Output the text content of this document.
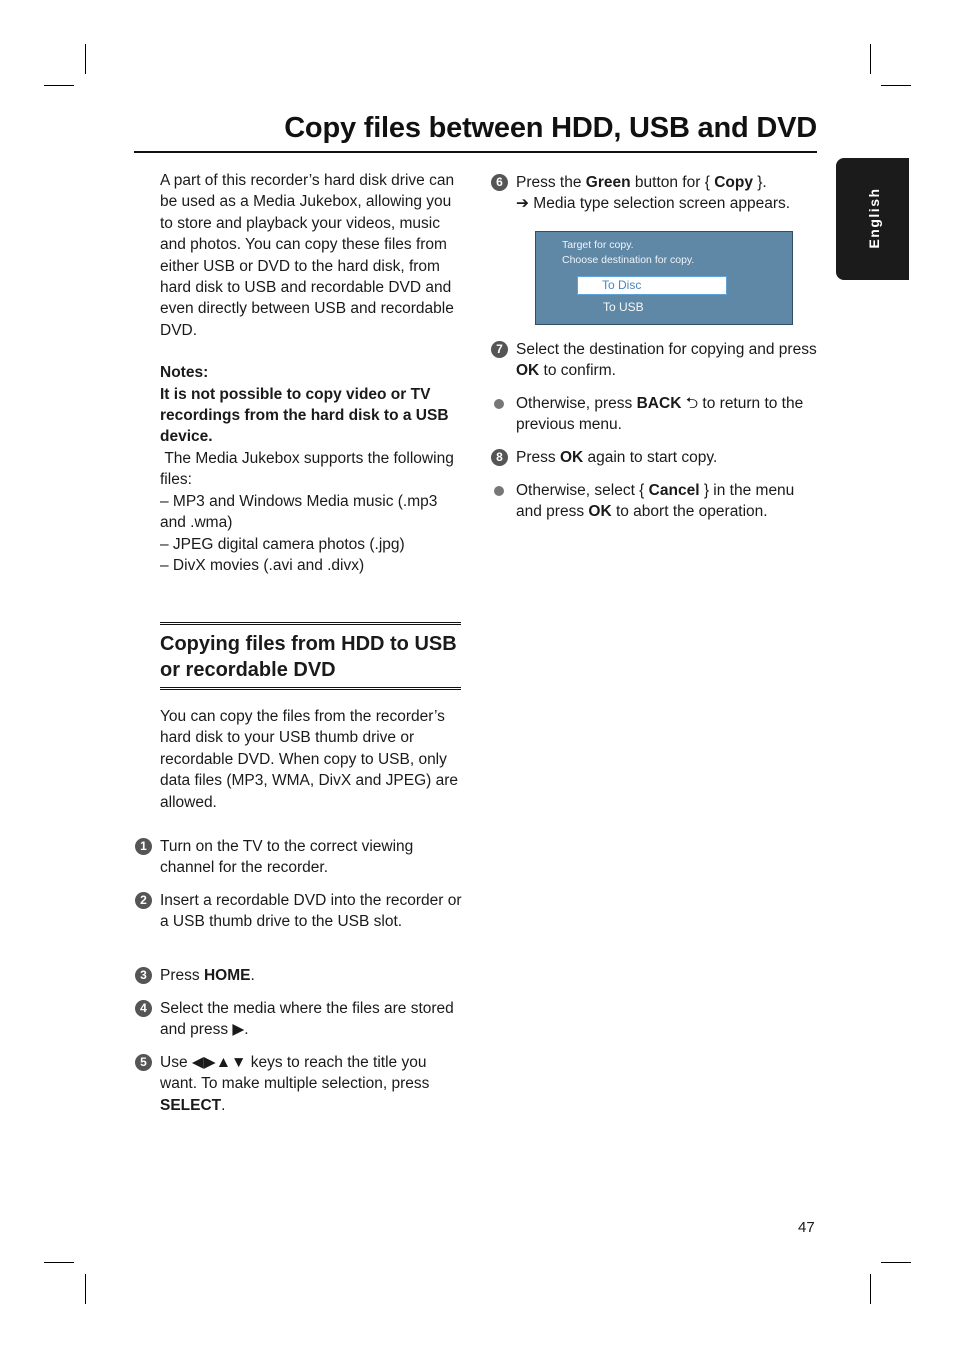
Copy files between HDD, USB and DVD
English

A part of this recorder’s hard disk drive can be used as a Media Jukebox, allowing you to store and playback your videos, music and photos. You can copy these files from either USB or DVD to the hard disk, from hard disk to USB and recordable DVD and even directly between USB and recordable DVD.

Notes:
It is not possible to copy video or TV recordings from the hard disk to a USB device.
The Media Jukebox supports the following files:
– MP3 and Windows Media music (.mp3 and .wma)
– JPEG digital camera photos (.jpg)
– DivX movies (.avi and .divx)
Copying files from HDD to USB or recordable DVD
You can copy the files from the recorder’s hard disk to your USB thumb drive or recordable DVD. When copy to USB, only data files (MP3, WMA, DivX and JPEG) are allowed.
1 Turn on the TV to the correct viewing channel for the recorder.
2 Insert a recordable DVD into the recorder or a USB thumb drive to the USB slot.
3 Press HOME.
4 Select the media where the files are stored and press ▶.
5 Use ◀▶▲▼ keys to reach the title you want. To make multiple selection, press SELECT.
6 Press the Green button for { Copy }.
➔ Media type selection screen appears.
Target for copy.
Choose destination for copy.
To Disc
To USB
7 Select the destination for copying and press OK to confirm.
Otherwise, press BACK ⮌ to return to the previous menu.
8 Press OK again to start copy.
Otherwise, select { Cancel } in the menu and press OK to abort the operation.
47
